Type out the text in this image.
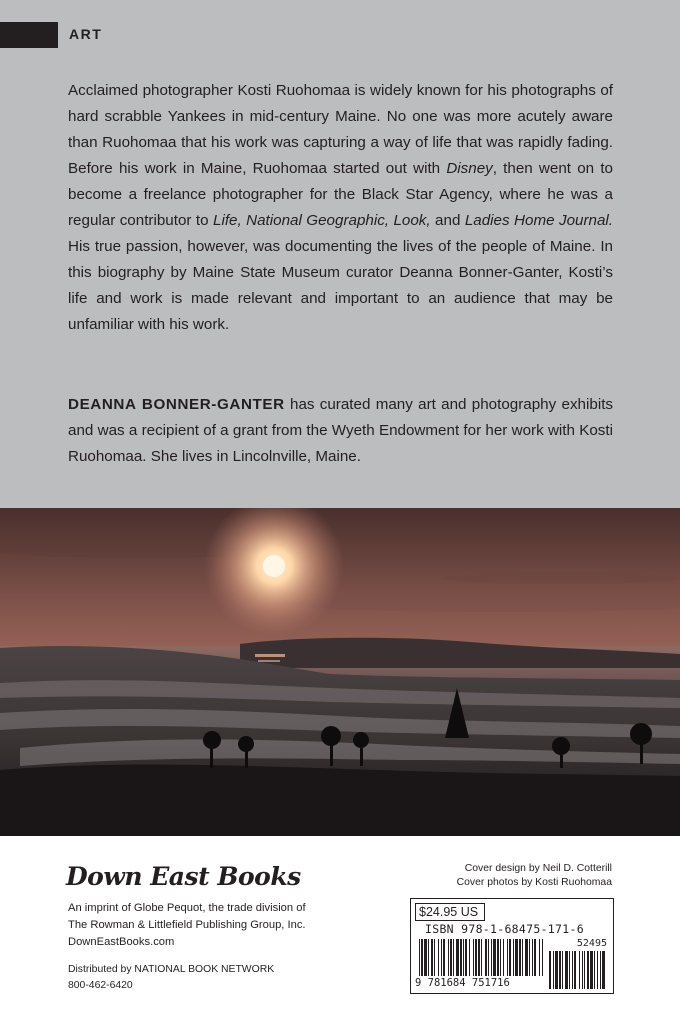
ART

Acclaimed photographer Kosti Ruohomaa is widely known for his photographs of hard scrabble Yankees in mid-century Maine. No one was more acutely aware than Ruohomaa that his work was capturing a way of life that was rapidly fading. Before his work in Maine, Ruohomaa started out with Disney, then went on to become a freelance photographer for the Black Star Agency, where he was a regular contributor to Life, National Geographic, Look, and Ladies Home Journal. His true passion, however, was documenting the lives of the people of Maine. In this biography by Maine State Museum curator Deanna Bonner-Ganter, Kosti’s life and work is made relevant and important to an audience that may be unfamiliar with his work.

DEANNA BONNER-GANTER has curated many art and photography exhibits and was a recipient of a grant from the Wyeth Endowment for her work with Kosti Ruohomaa. She lives in Lincolnville, Maine.

Down East Books
An imprint of Globe Pequot, the trade division of
The Rowman & Littlefield Publishing Group, Inc.
DownEastBooks.com
Distributed by NATIONAL BOOK NETWORK
800-462-6420
Cover design by Neil D. Cotterill
Cover photos by Kosti Ruohomaa
$24.95 US
ISBN 978-1-68475-171-6
52495
9 781684 751716
